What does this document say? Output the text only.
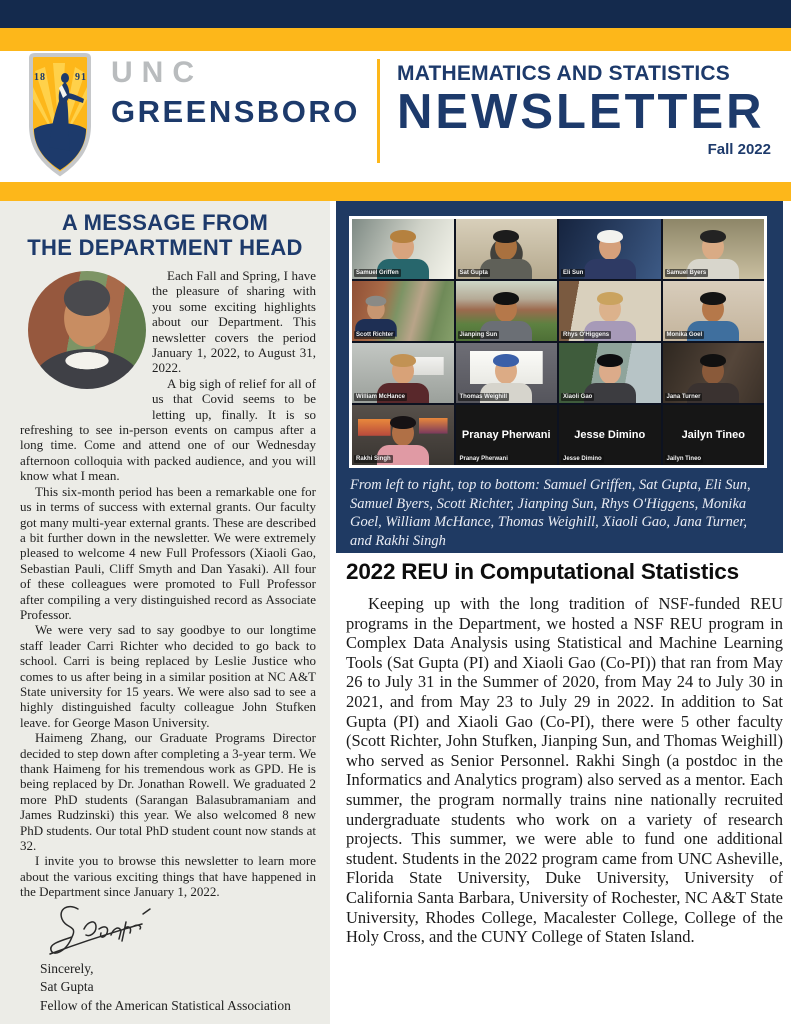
18	91 UNC
GREENSBORO
MATHEMATICS AND STATISTICS
NEWSLETTER
Fall 2022
A MESSAGE FROM
THE DEPARTMENT HEAD

Each Fall and Spring, I have the pleasure of sharing with you some exciting highlights about our Department. This newsletter covers the period January 1, 2022, to August 31, 2022.

A big sigh of relief for all of us that Covid seems to be letting up, finally. It is so refreshing to see in-person events on campus after a long time. Come and attend one of our Wednesday afternoon colloquia with packed audience, and you will know what I mean.

This six-month period has been a remarkable one for us in terms of success with external grants. Our faculty got many multi-year external grants. These are described a bit further down in the newsletter. We were extremely pleased to welcome 4 new Full Professors (Xiaoli Gao, Sebastian Pauli, Cliff Smyth and Dan Yasaki). All four of these colleagues were promoted to Full Professor after compiling a very distinguished record as Associate Professor.

We were very sad to say goodbye to our longtime staff leader Carri Richter who decided to go back to school. Carri is being replaced by Leslie Justice who comes to us after being in a similar position at NC A&T State university for 15 years. We were also sad to see a highly distinguished faculty colleague John Stufken leave. for George Mason University.

Haimeng Zhang, our Graduate Programs Director decided to step down after completing a 3-year term. We thank Haimeng for his tremendous work as GPD. He is being replaced by Dr. Jonathan Rowell. We graduated 2 more PhD students (Sarangan Balasubramaniam and James Rudzinski) this year. We also welcomed 8 new PhD students. Our total PhD student count now stands at 32.

I invite you to browse this newsletter to learn more about the various exciting things that have happened in the Department since January 1, 2022.

Sincerely,
Sat Gupta
Fellow of the American Statistical Association
Samuel Griffen	Sat Gupta	Eli Sun	Samuel Byers
Scott Richter	Jianping Sun	Rhys O'Higgens	Monika Goel
William McHance	Thomas Weighill	Xiaoli Gao	Jana Turner
Rakhi Singh
Pranay Pherwani
Pranay Pherwani
Jesse Dimino
Jesse Dimino
Jailyn Tineo
Jailyn Tineo

From left to right, top to bottom: Samuel Griffen, Sat Gupta, Eli Sun, Samuel Byers, Scott Richter, Jianping Sun, Rhys O'Higgens, Monika Goel, William McHance, Thomas Weighill, Xiaoli Gao, Jana Turner, and Rakhi Singh

2022 REU in Computational Statistics

Keeping up with the long tradition of NSF-funded REU programs in the Department, we hosted a NSF REU program in Complex Data Analysis using Statistical and Machine Learning Tools (Sat Gupta (PI) and Xiaoli Gao (Co-PI)) that ran from May 26 to July 31 in the Summer of 2020, from May 24 to July 30 in 2021, and from May 23 to July 29 in 2022. In addition to Sat Gupta (PI) and Xiaoli Gao (Co-PI), there were 5 other faculty (Scott Richter, John Stufken, Jianping Sun, and Thomas Weighill) who served as Senior Personnel. Rakhi Singh (a postdoc in the Informatics and Analytics program) also served as a mentor. Each summer, the program normally trains nine nationally recruited undergraduate students who work on a variety of research projects. This summer, we were able to fund one additional student. Students in the 2022 program came from UNC Asheville, Florida State University, Duke University, University of California Santa Barbara, University of Rochester, NC A&T State University, Rhodes College, Macalester College, College of the Holy Cross, and the CUNY College of Staten Island.
